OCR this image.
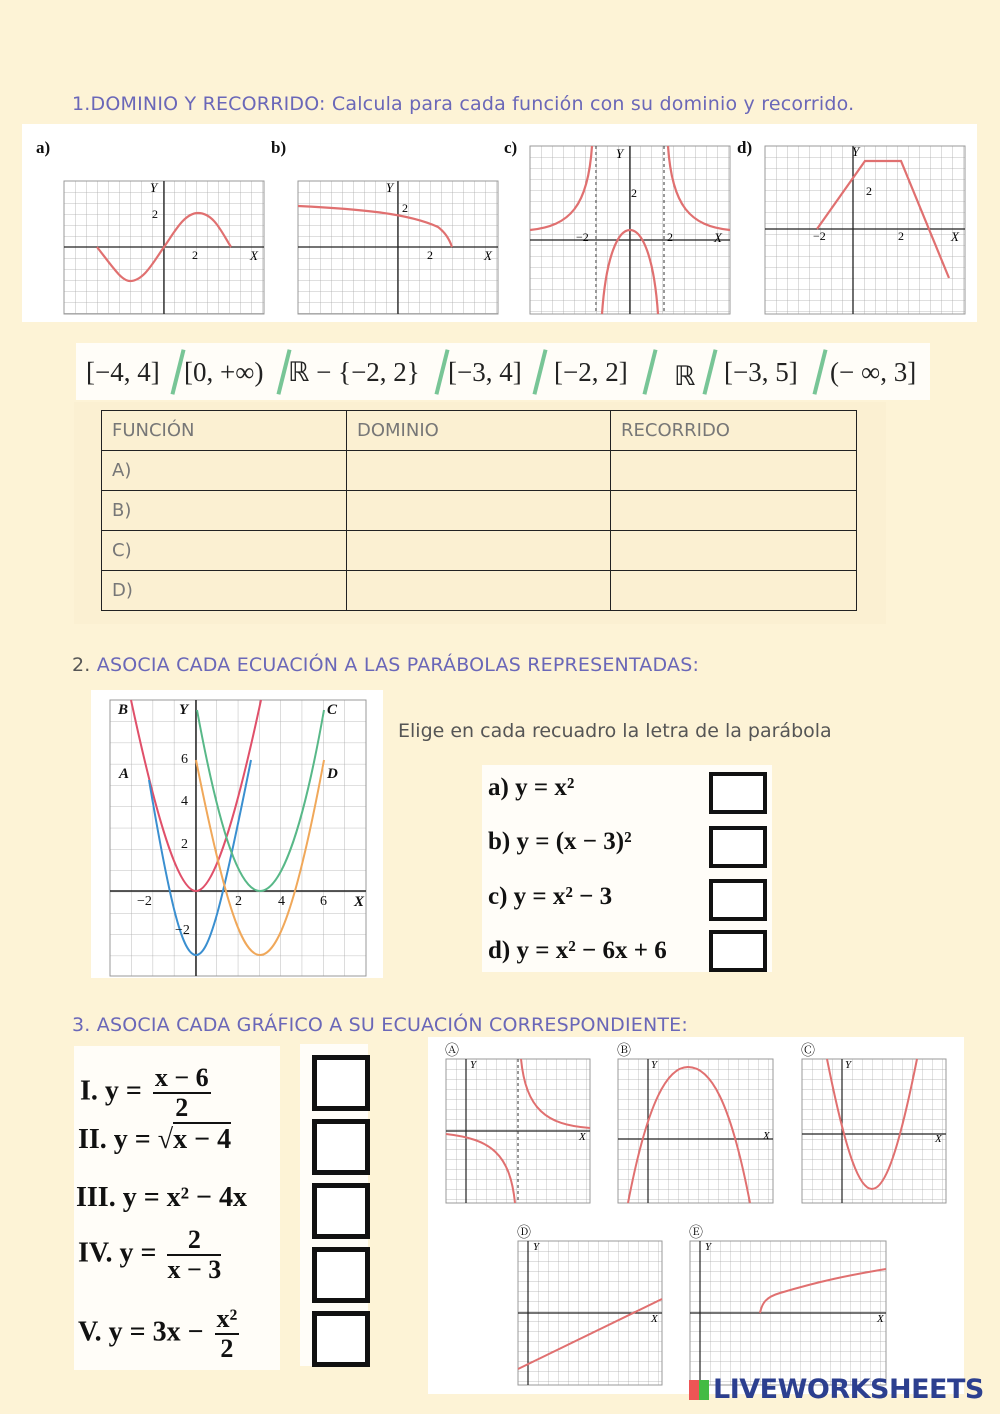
1.DOMINIO Y RECORRIDO: Calcula para cada función con su dominio y recorrido.
a)	b)	c)	d)
Y
X
2
2
Y
X
2
2
Y
X
2
−2	2
Y
X
2
−2	2
[−4, 4] [0, +∞) ℝ − {−2, 2} [−3, 4] [−2, 2] ℝ [−3, 5] (− ∞, 3]
FUNCIÓN	DOMINIO	RECORRIDO
A)		
B)		
C)		
D)		
2. ASOCIA CADA ECUACIÓN A LAS PARÁBOLAS REPRESENTADAS:
B
A
C
D
Y
X
6
4
2
−2
−2	2	4	6
Elige en cada recuadro la letra de la parábola
a) y = x²
b) y = (x − 3)²
c) y = x² − 3
d) y = x² − 6x + 6
3. ASOCIA CADA GRÁFICO A SU ECUACIÓN CORRESPONDIENTE:
I. $y = \frac{x - 6}{2}$
II. y = √x − 4
III. y = x² − 4x
IV. $y = \frac{2}{x - 3}$
V. $y = 3x - \frac{\text{x²}}{2}$
Ⓐ	Ⓑ	Ⓒ
Ⓓ	Ⓔ
Y
X
Y
X
Y
X
Y
X
Y
X
LIVEWORKSHEETS
